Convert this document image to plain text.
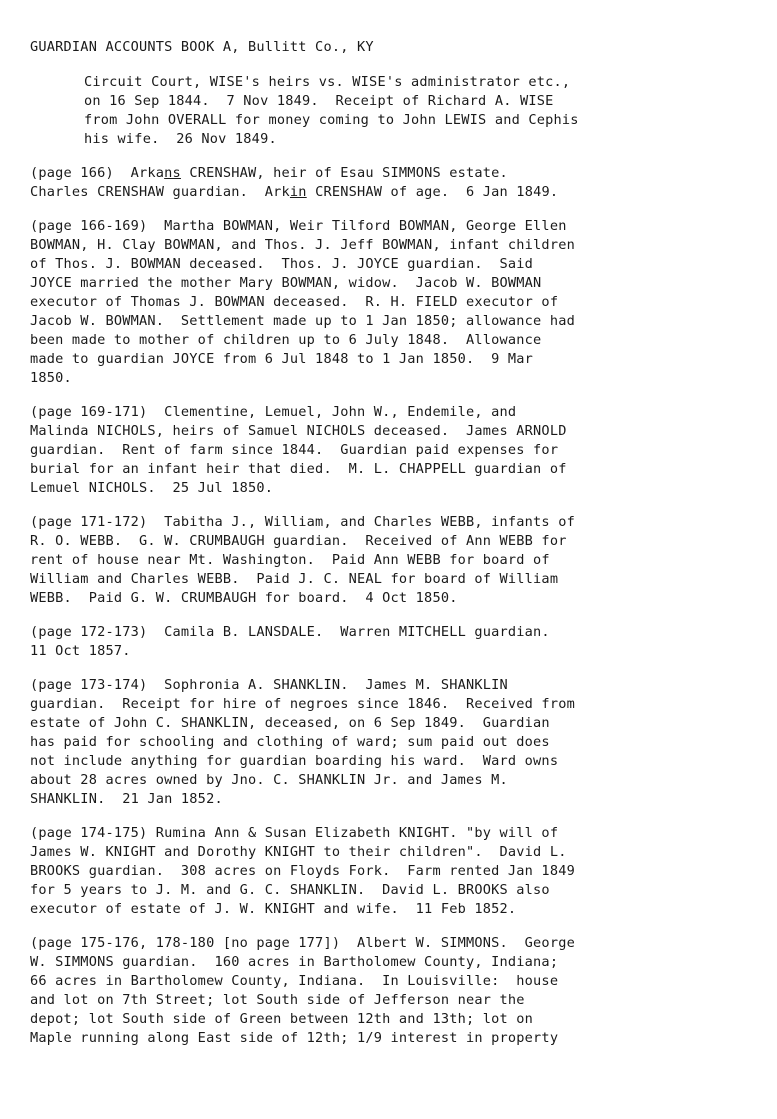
GUARDIAN ACCOUNTS BOOK A, Bullitt Co., KY
Circuit Court, WISE's heirs vs. WISE's administrator etc.,
on 16 Sep 1844.  7 Nov 1849.  Receipt of Richard A. WISE
from John OVERALL for money coming to John LEWIS and Cephis
his wife.  26 Nov 1849.
(page 166)  Arkans CRENSHAW, heir of Esau SIMMONS estate.
Charles CRENSHAW guardian.  Arkin CRENSHAW of age.  6 Jan 1849.
(page 166-169)  Martha BOWMAN, Weir Tilford BOWMAN, George Ellen
BOWMAN, H. Clay BOWMAN, and Thos. J. Jeff BOWMAN, infant children
of Thos. J. BOWMAN deceased.  Thos. J. JOYCE guardian.  Said
JOYCE married the mother Mary BOWMAN, widow.  Jacob W. BOWMAN
executor of Thomas J. BOWMAN deceased.  R. H. FIELD executor of
Jacob W. BOWMAN.  Settlement made up to 1 Jan 1850; allowance had
been made to mother of children up to 6 July 1848.  Allowance
made to guardian JOYCE from 6 Jul 1848 to 1 Jan 1850.  9 Mar
1850.
(page 169-171)  Clementine, Lemuel, John W., Endemile, and
Malinda NICHOLS, heirs of Samuel NICHOLS deceased.  James ARNOLD
guardian.  Rent of farm since 1844.  Guardian paid expenses for
burial for an infant heir that died.  M. L. CHAPPELL guardian of
Lemuel NICHOLS.  25 Jul 1850.
(page 171-172)  Tabitha J., William, and Charles WEBB, infants of
R. O. WEBB.  G. W. CRUMBAUGH guardian.  Received of Ann WEBB for
rent of house near Mt. Washington.  Paid Ann WEBB for board of
William and Charles WEBB.  Paid J. C. NEAL for board of William
WEBB.  Paid G. W. CRUMBAUGH for board.  4 Oct 1850.
(page 172-173)  Camila B. LANSDALE.  Warren MITCHELL guardian.
11 Oct 1857.
(page 173-174)  Sophronia A. SHANKLIN.  James M. SHANKLIN
guardian.  Receipt for hire of negroes since 1846.  Received from
estate of John C. SHANKLIN, deceased, on 6 Sep 1849.  Guardian
has paid for schooling and clothing of ward; sum paid out does
not include anything for guardian boarding his ward.  Ward owns
about 28 acres owned by Jno. C. SHANKLIN Jr. and James M.
SHANKLIN.  21 Jan 1852.
(page 174-175) Rumina Ann & Susan Elizabeth KNIGHT. "by will of
James W. KNIGHT and Dorothy KNIGHT to their children".  David L.
BROOKS guardian.  308 acres on Floyds Fork.  Farm rented Jan 1849
for 5 years to J. M. and G. C. SHANKLIN.  David L. BROOKS also
executor of estate of J. W. KNIGHT and wife.  11 Feb 1852.
(page 175-176, 178-180 [no page 177])  Albert W. SIMMONS.  George
W. SIMMONS guardian.  160 acres in Bartholomew County, Indiana;
66 acres in Bartholomew County, Indiana.  In Louisville:  house
and lot on 7th Street; lot South side of Jefferson near the
depot; lot South side of Green between 12th and 13th; lot on
Maple running along East side of 12th; 1/9 interest in property
